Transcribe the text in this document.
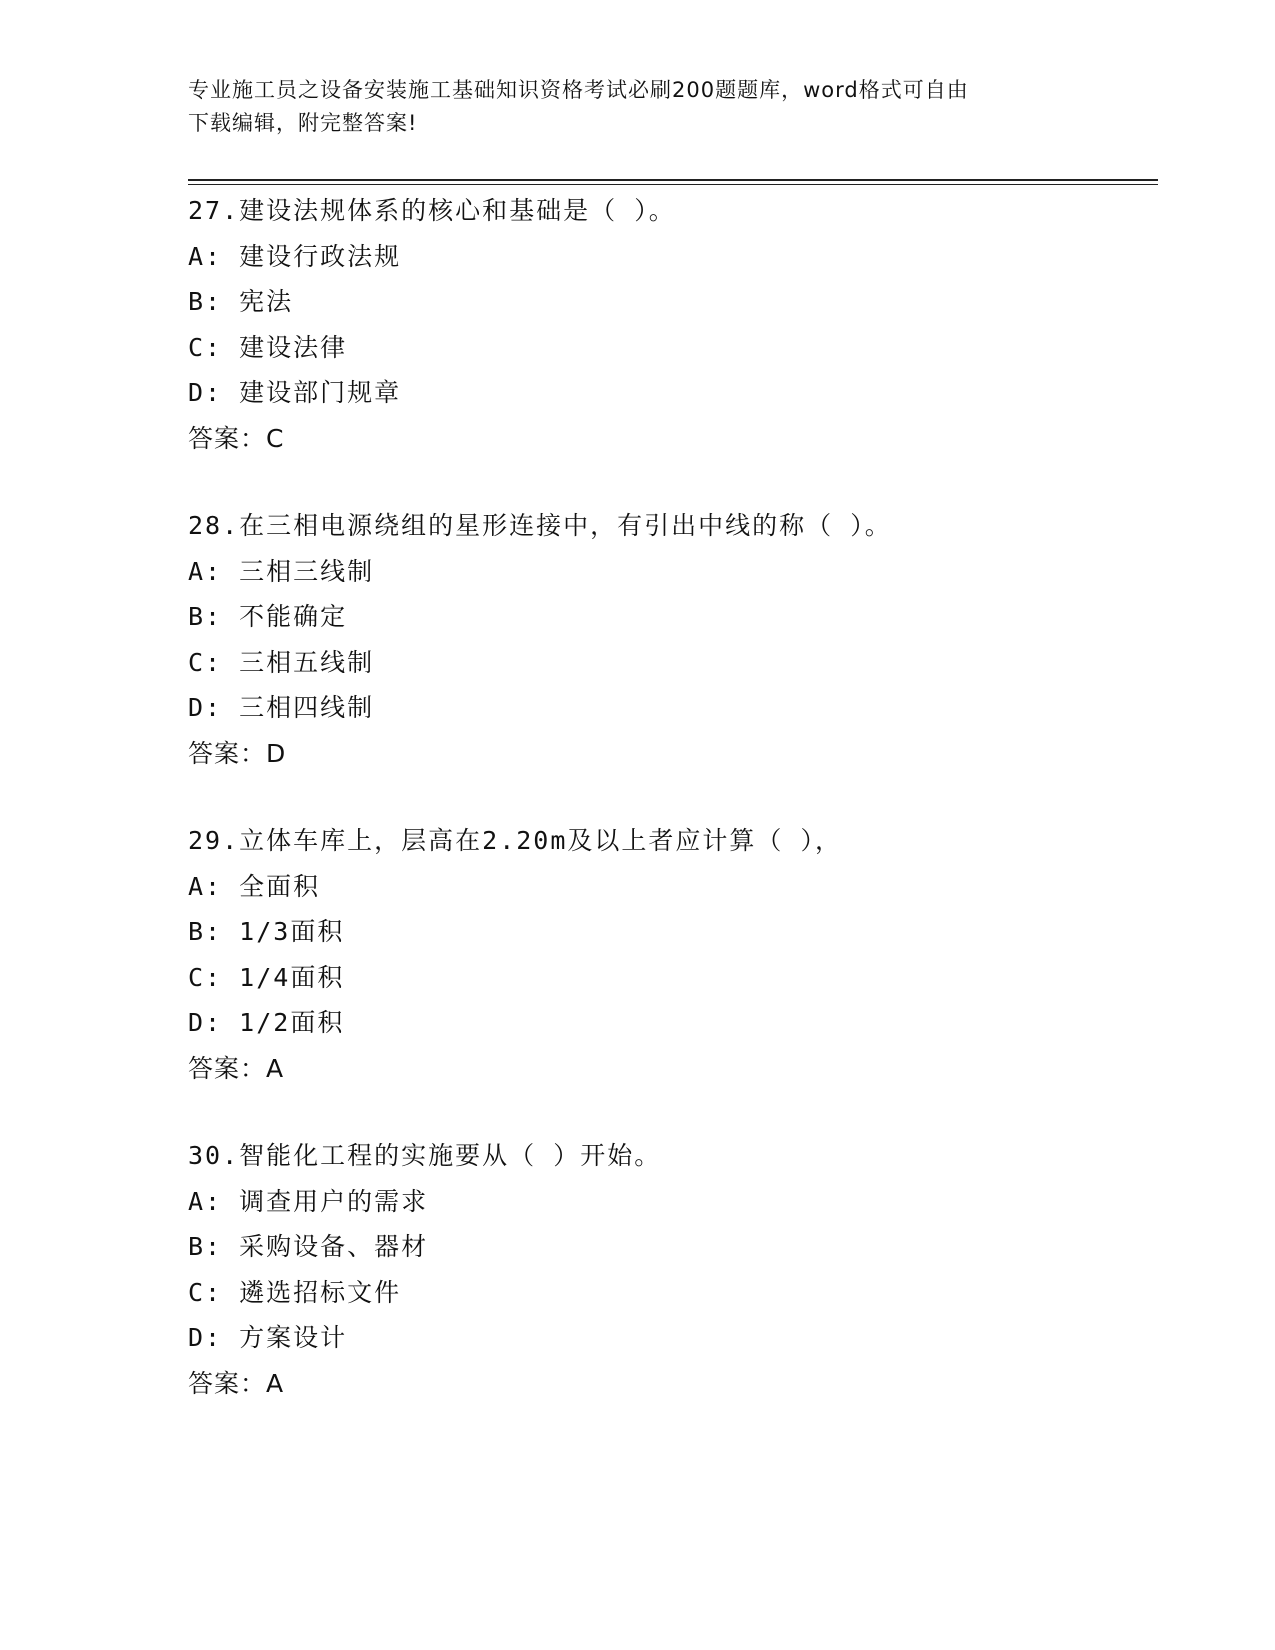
专业施工员之设备安装施工基础知识资格考试必刷200题题库，word格式可自由
下载编辑，附完整答案!
27.建设法规体系的核心和基础是（ ）。
A: 建设行政法规
B: 宪法
C: 建设法律
D: 建设部门规章
答案：C
28.在三相电源绕组的星形连接中，有引出中线的称（ ）。
A: 三相三线制
B: 不能确定
C: 三相五线制
D: 三相四线制
答案：D
29.立体车库上，层高在2.20m及以上者应计算（ ），
A: 全面积
B: 1/3面积
C: 1/4面积
D: 1/2面积
答案：A
30.智能化工程的实施要从（ ）开始。
A: 调查用户的需求
B: 采购设备、器材
C: 遴选招标文件
D: 方案设计
答案：A
